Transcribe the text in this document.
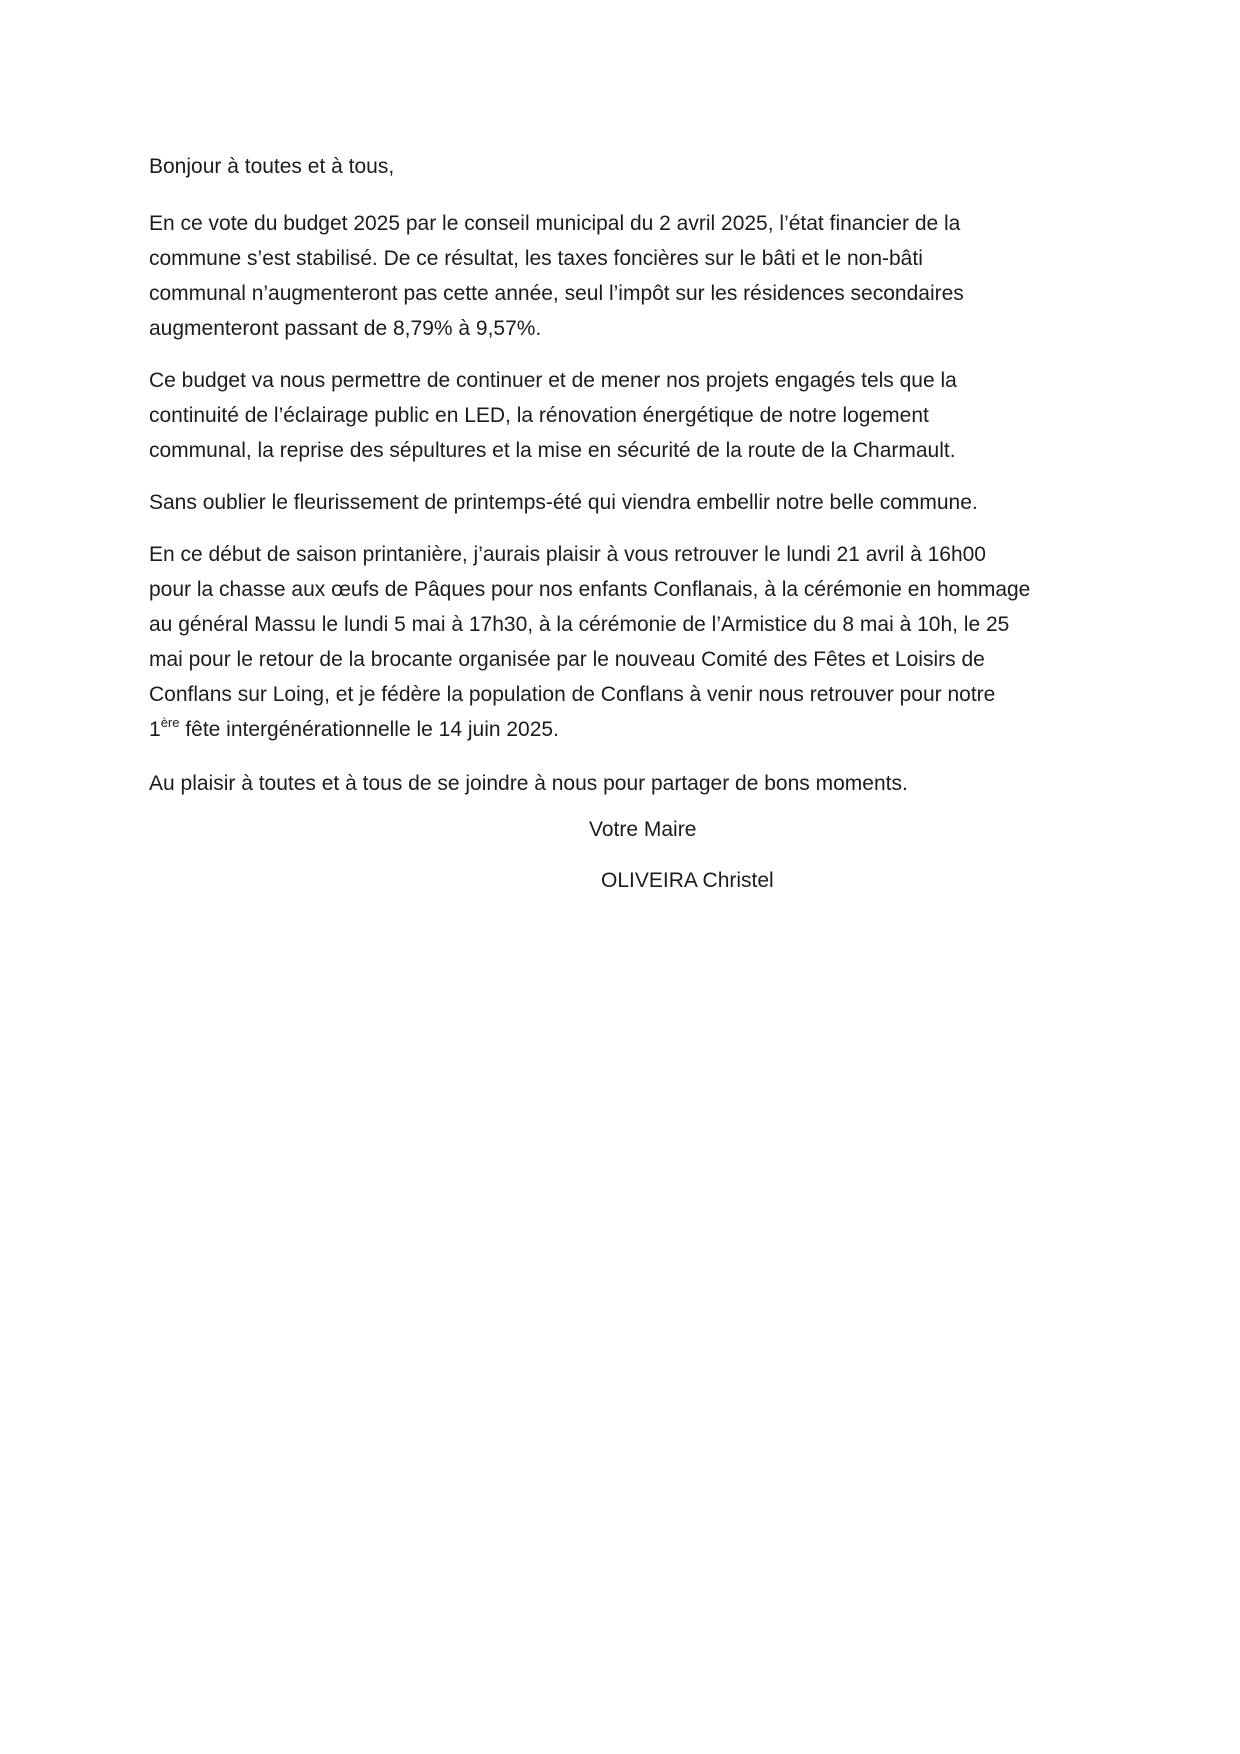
Bonjour à toutes et à tous,

En ce vote du budget 2025 par le conseil municipal du 2 avril 2025, l’état financier de la
commune s’est stabilisé. De ce résultat, les taxes foncières sur le bâti et le non-bâti
communal n’augmenteront pas cette année, seul l’impôt sur les résidences secondaires
augmenteront passant de 8,79% à 9,57%.

Ce budget va nous permettre de continuer et de mener nos projets engagés tels que la
continuité de l’éclairage public en LED, la rénovation énergétique de notre logement
communal, la reprise des sépultures et la mise en sécurité de la route de la Charmault.

Sans oublier le fleurissement de printemps-été qui viendra embellir notre belle commune.

En ce début de saison printanière, j’aurais plaisir à vous retrouver le lundi 21 avril à 16h00
pour la chasse aux œufs de Pâques pour nos enfants Conflanais, à la cérémonie en hommage
au général Massu le lundi 5 mai à 17h30, à la cérémonie de l’Armistice du 8 mai à 10h, le 25
mai pour le retour de la brocante organisée par le nouveau Comité des Fêtes et Loisirs de
Conflans sur Loing, et je fédère la population de Conflans à venir nous retrouver pour notre
1ère fête intergénérationnelle le 14 juin 2025.

Au plaisir à toutes et à tous de se joindre à nous pour partager de bons moments.

Votre Maire
OLIVEIRA Christel
